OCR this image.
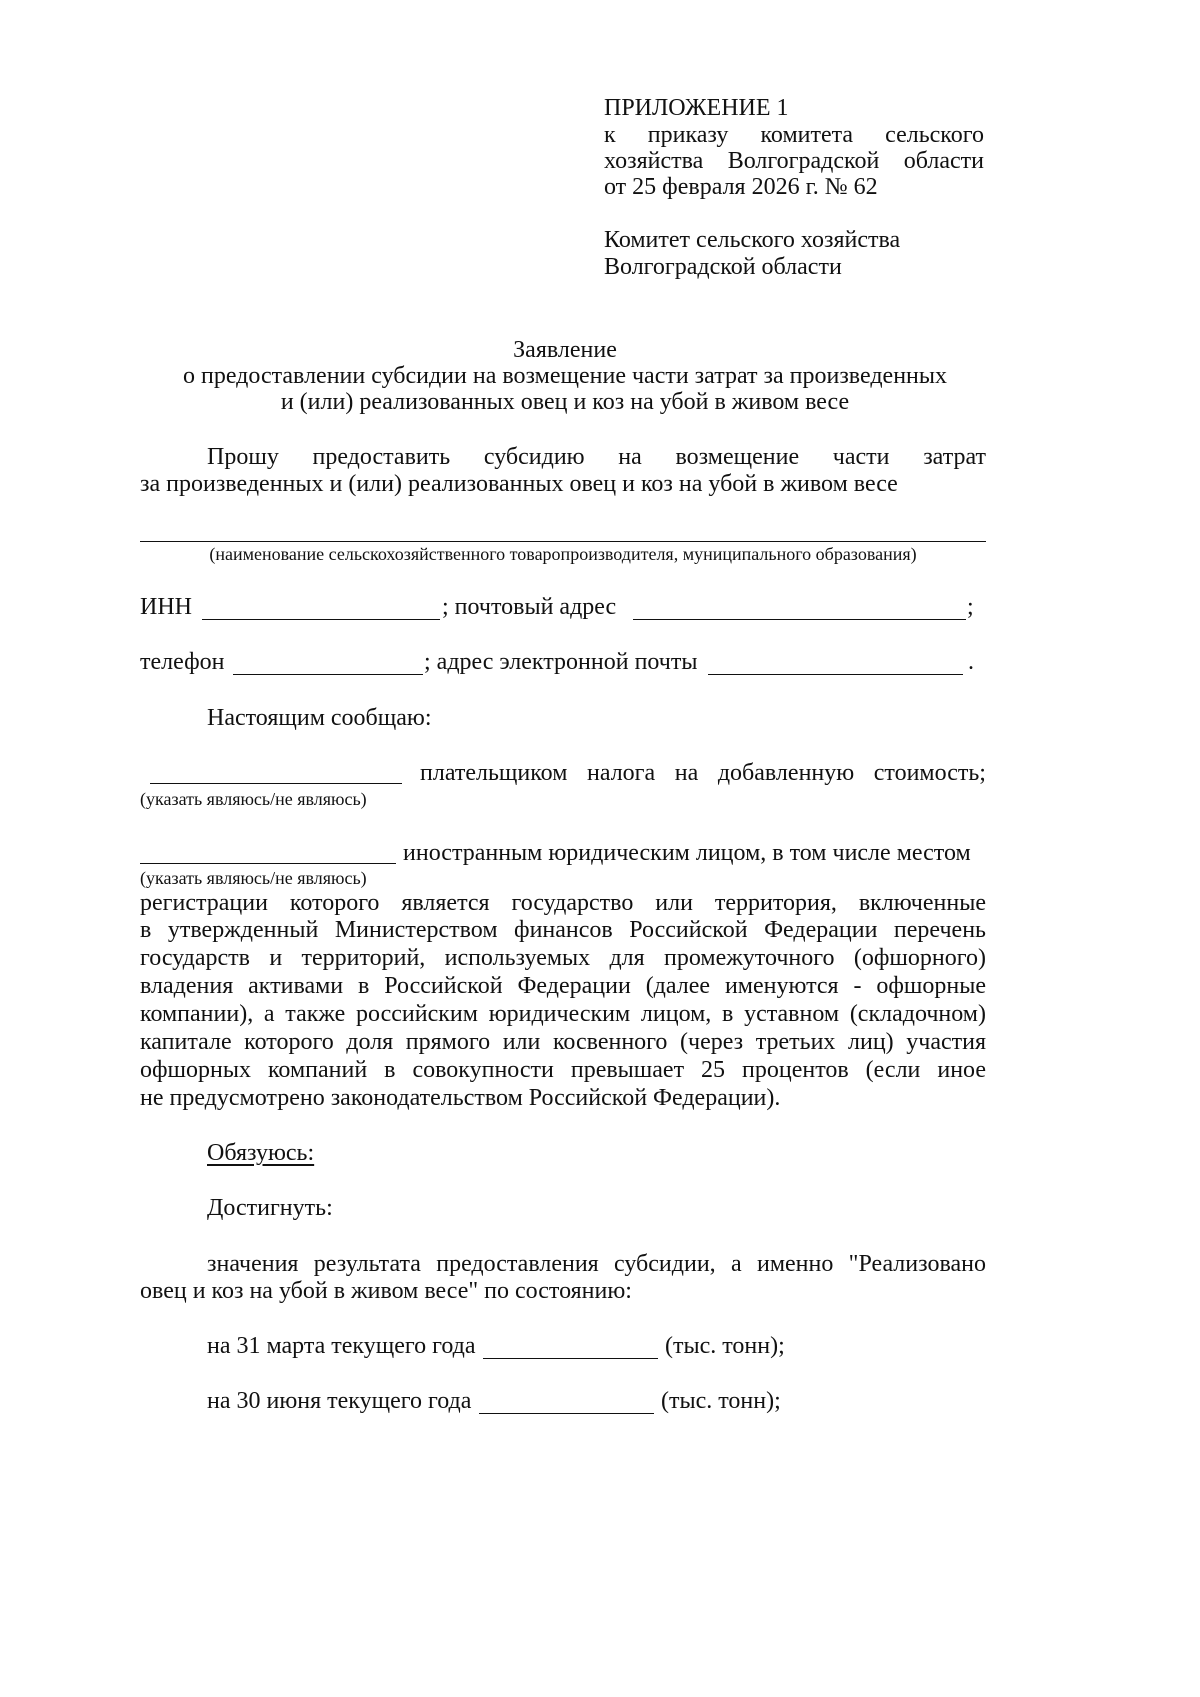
ПРИЛОЖЕНИЕ 1
к приказу комитета сельского
хозяйства Волгоградской области
от 25 февраля 2026 г. № 62
Комитет сельского хозяйства
Волгоградской области
Заявление
о предоставлении субсидии на возмещение части затрат за произведенных
и (или) реализованных овец и коз на убой в живом весе
Прошу предоставить субсидию на возмещение части затрат
за произведенных и (или) реализованных овец и коз на убой в живом весе
(наименование сельскохозяйственного товаропроизводителя, муниципального образования)
ИНН	; почтовый адрес	;
телефон	; адрес электронной почты	.
Настоящим сообщаю:
плательщиком налога на добавленную стоимость;
(указать являюсь/не являюсь)
иностранным юридическим лицом, в том числе местом
(указать являюсь/не являюсь)
регистрации которого является государство или территория, включенные
в утвержденный Министерством финансов Российской Федерации перечень
государств и территорий, используемых для промежуточного (офшорного)
владения активами в Российской Федерации (далее именуются - офшорные
компании), а также российским юридическим лицом, в уставном (складочном)
капитале которого доля прямого или косвенного (через третьих лиц) участия
офшорных компаний в совокупности превышает 25 процентов (если иное
не предусмотрено законодательством Российской Федерации).
Обязуюсь:
Достигнуть:
значения результата предоставления субсидии, а именно "Реализовано
овец и коз на убой в живом весе" по состоянию:
на 31 марта текущего года	(тыс. тонн);
на 30 июня текущего года	(тыс. тонн);
